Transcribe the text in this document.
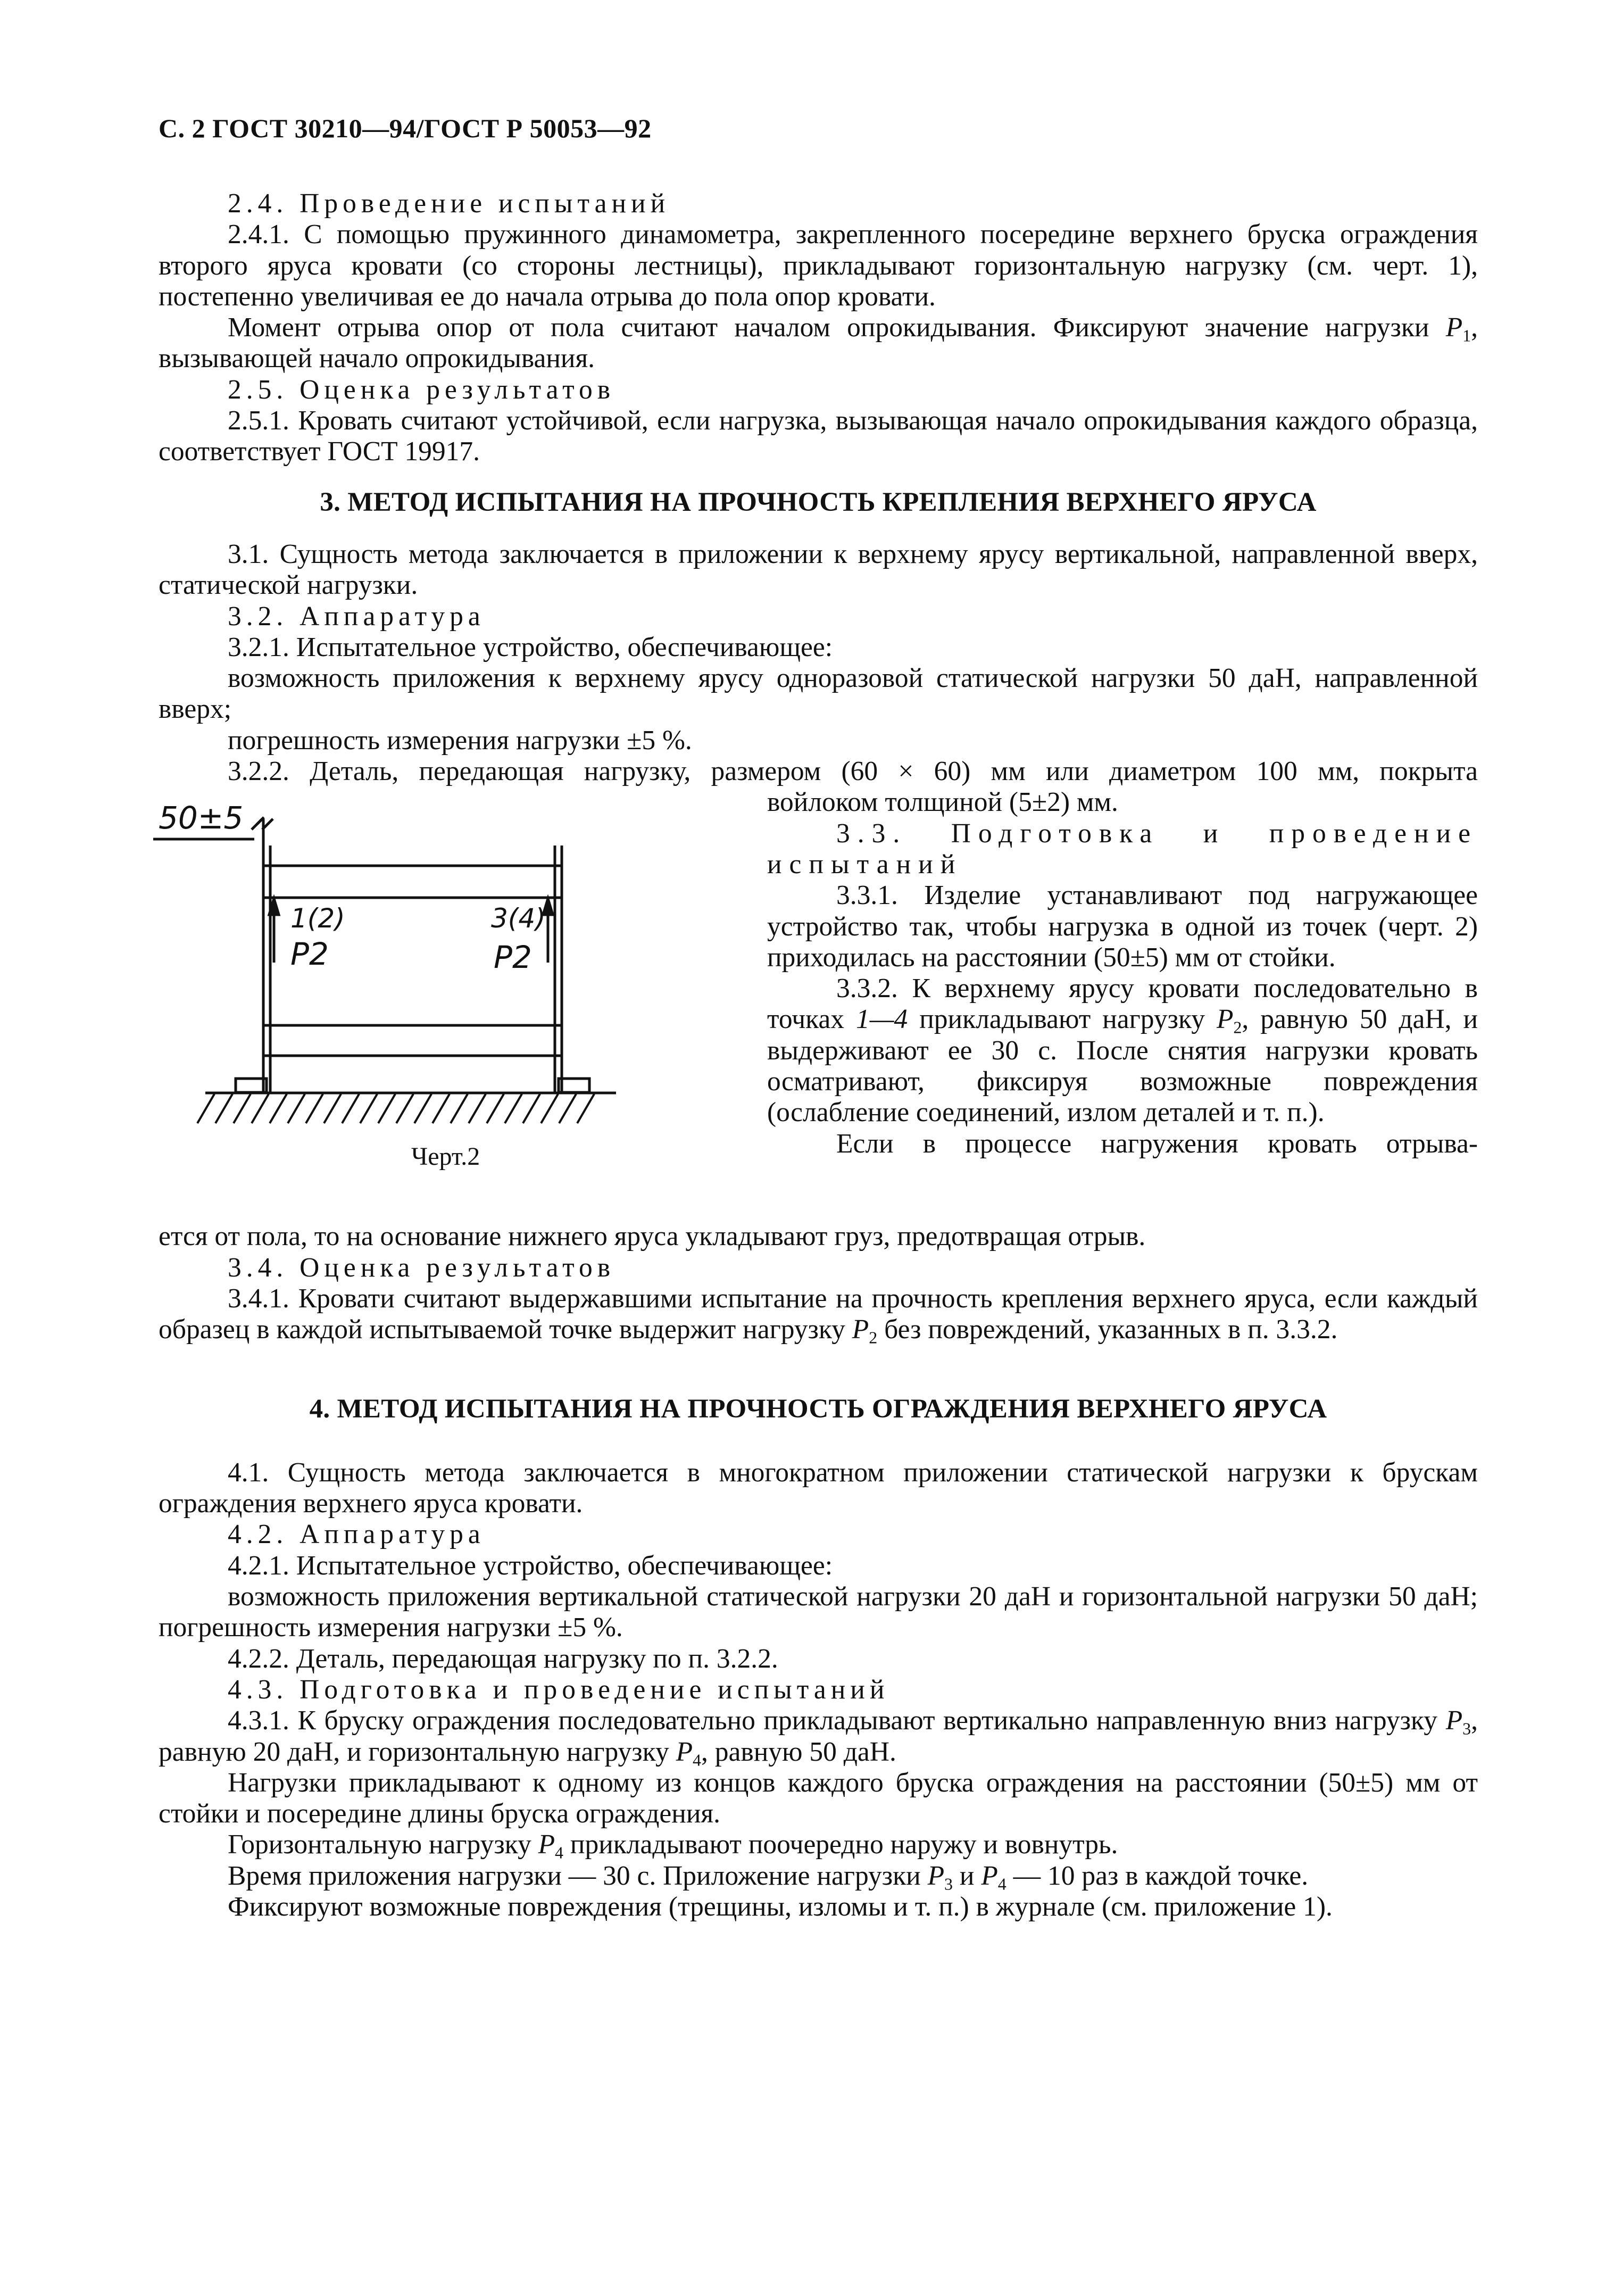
С. 2 ГОСТ 30210—94/ГОСТ Р 50053—92

2.4. Проведение испытаний

2.4.1. С помощью пружинного динамометра, закрепленного посередине верхнего бруска ограждения второго яруса кровати (со стороны лестницы), прикладывают горизонтальную нагрузку (см. черт. 1), постепенно увеличивая ее до начала отрыва до пола опор кровати.

Момент отрыва опор от пола считают началом опрокидывания. Фиксируют значение нагрузки $P_1$, вызывающей начало опрокидывания.

2.5. Оценка результатов

2.5.1. Кровать считают устойчивой, если нагрузка, вызывающая начало опрокидывания каждого образца, соответствует ГОСТ 19917.

3. МЕТОД ИСПЫТАНИЯ НА ПРОЧНОСТЬ КРЕПЛЕНИЯ ВЕРХНЕГО ЯРУСА

3.1. Сущность метода заключается в приложении к верхнему ярусу вертикальной, направленной вверх, статической нагрузки.

3.2. Аппаратура

3.2.1. Испытательное устройство, обеспечивающее:

возможность приложения к верхнему ярусу одноразовой статической нагрузки 50 даН, направленной вверх;

погрешность измерения нагрузки ±5 %.

3.2.2. Деталь, передающая нагрузку, размером (60 × 60) мм или диаметром 100 мм, покрыта

50±5
1(2)	3(4)
P2	P2
Черт.2

войлоком толщиной (5±2) мм.

3.3. Подготовка и проведение испытаний

3.3.1. Изделие устанавливают под нагружающее устройство так, чтобы нагрузка в одной из точек (черт. 2) приходилась на расстоянии (50±5) мм от стойки.

3.3.2. К верхнему ярусу кровати последовательно в точках 1—4 прикладывают нагрузку $P_2$, равную 50 даН, и выдерживают ее 30 с. После снятия нагрузки кровать осматривают, фиксируя возможные повреждения (ослабление соединений, излом деталей и т. п.).

Если в процессе нагружения кровать отрыва-

ется от пола, то на основание нижнего яруса укладывают груз, предотвращая отрыв.

3.4. Оценка результатов

3.4.1. Кровати считают выдержавшими испытание на прочность крепления верхнего яруса, если каждый образец в каждой испытываемой точке выдержит нагрузку $P_2$ без повреждений, указанных в п. 3.3.2.

4. МЕТОД ИСПЫТАНИЯ НА ПРОЧНОСТЬ ОГРАЖДЕНИЯ ВЕРХНЕГО ЯРУСА

4.1. Сущность метода заключается в многократном приложении статической нагрузки к брускам ограждения верхнего яруса кровати.

4.2. Аппаратура

4.2.1. Испытательное устройство, обеспечивающее:

возможность приложения вертикальной статической нагрузки 20 даН и горизонтальной нагрузки 50 даН; погрешность измерения нагрузки ±5 %.

4.2.2. Деталь, передающая нагрузку по п. 3.2.2.

4.3. Подготовка и проведение испытаний

4.3.1. К бруску ограждения последовательно прикладывают вертикально направленную вниз нагрузку $P_3$, равную 20 даН, и горизонтальную нагрузку $P_4$, равную 50 даН.

Нагрузки прикладывают к одному из концов каждого бруска ограждения на расстоянии (50±5) мм от стойки и посередине длины бруска ограждения.

Горизонтальную нагрузку $P_4$ прикладывают поочередно наружу и вовнутрь.

Время приложения нагрузки — 30 с. Приложение нагрузки $P_3$ и $P_4$ — 10 раз в каждой точке.

Фиксируют возможные повреждения (трещины, изломы и т. п.) в журнале (см. приложение 1).
